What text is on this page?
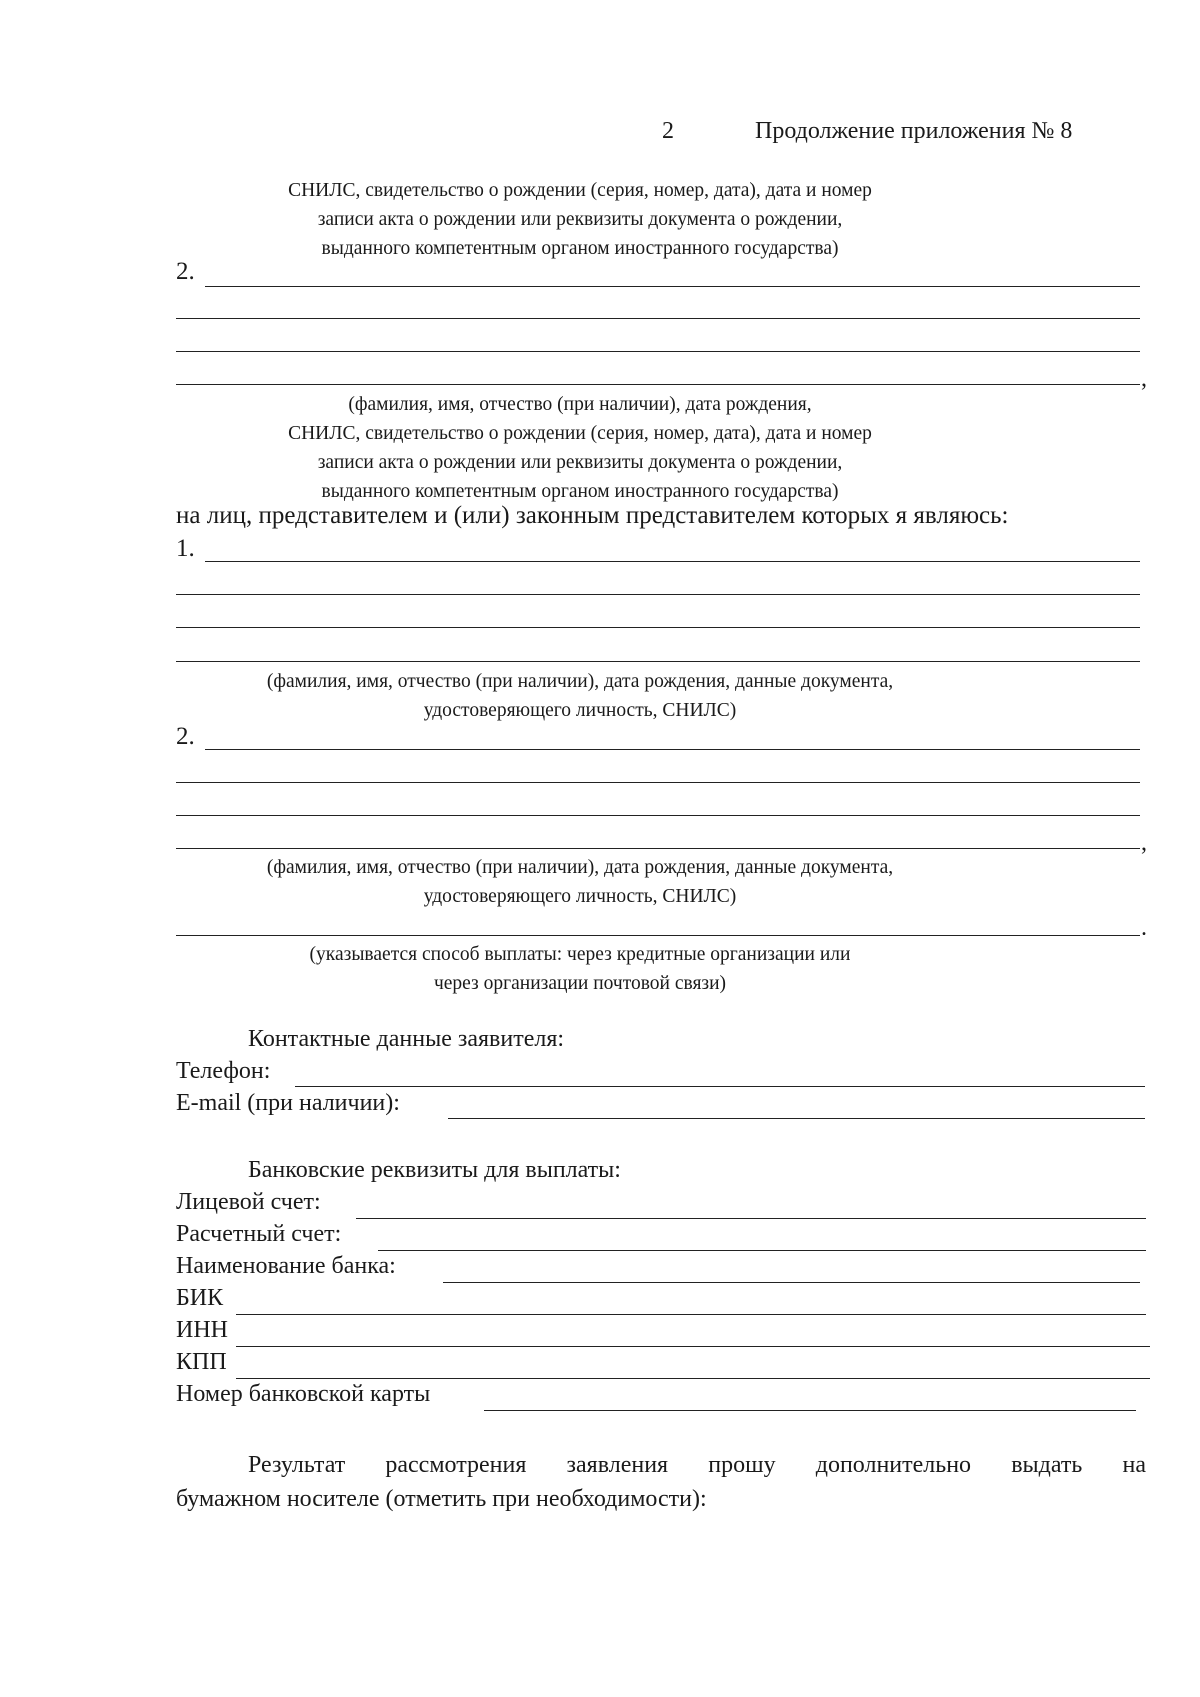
2	Продолжение приложения № 8
СНИЛС, свидетельство о рождении (серия, номер, дата), дата и номер
записи акта о рождении или реквизиты документа о рождении,
выданного компетентным органом иностранного государства)
2.
,
(фамилия, имя, отчество (при наличии), дата рождения,
СНИЛС, свидетельство о рождении (серия, номер, дата), дата и номер
записи акта о рождении или реквизиты документа о рождении,
выданного компетентным органом иностранного государства)
на лиц, представителем и (или) законным представителем которых я являюсь:
1.
(фамилия, имя, отчество (при наличии), дата рождения, данные документа,
удостоверяющего личность, СНИЛС)
2.
,
(фамилия, имя, отчество (при наличии), дата рождения, данные документа,
удостоверяющего личность, СНИЛС)
.
(указывается способ выплаты: через кредитные организации или
через организации почтовой связи)
Контактные данные заявителя:
Телефон:
E-mail (при наличии):
Банковские реквизиты для выплаты:
Лицевой счет:
Расчетный счет:
Наименование банка:
БИК
ИНН
КПП
Номер банковской карты
Результат рассмотрения заявления прошу дополнительно выдать на
бумажном носителе (отметить при необходимости):
